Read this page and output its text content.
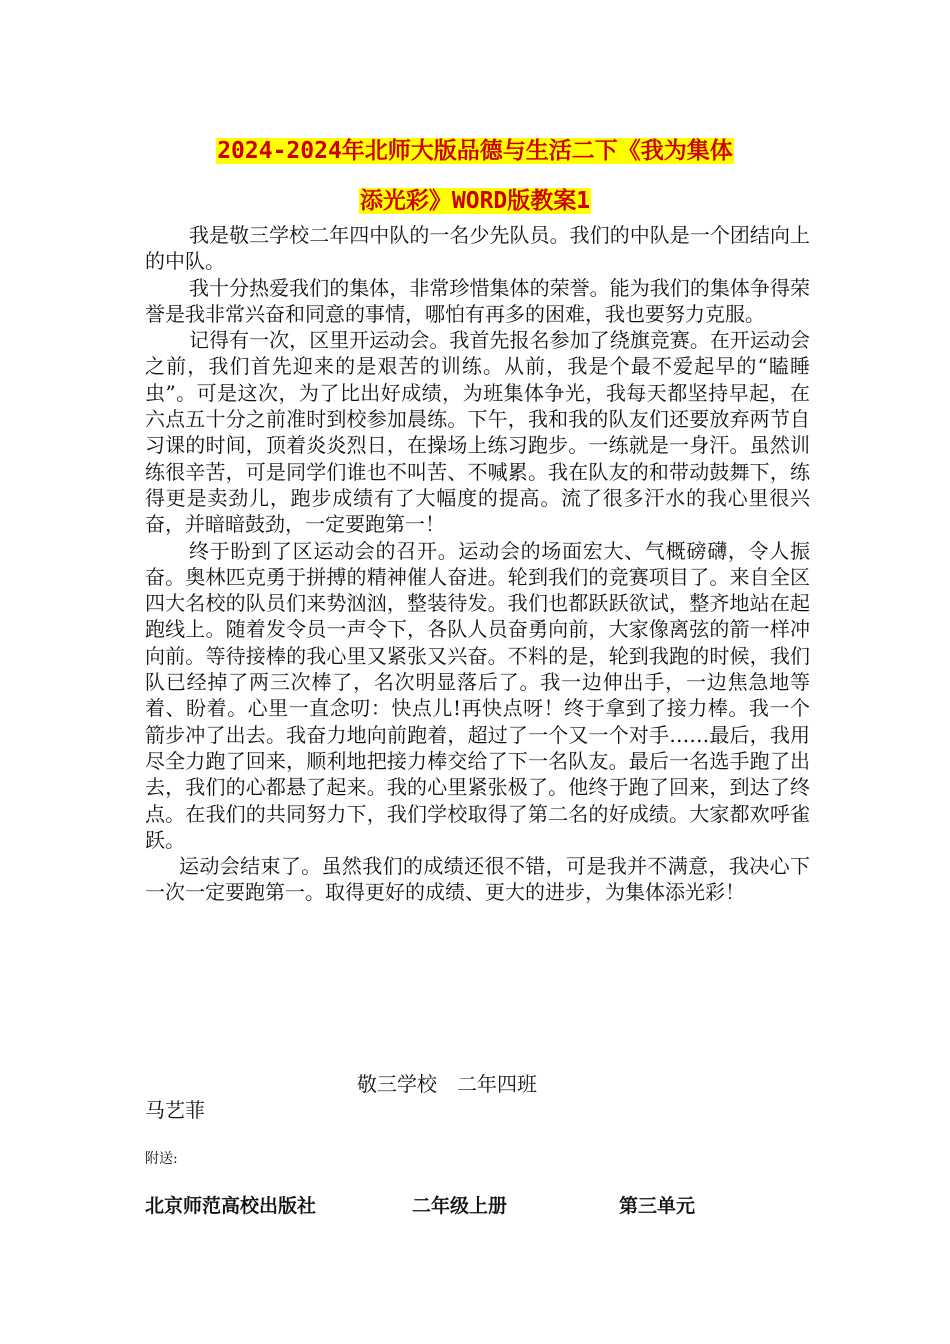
2024-2024年北师大版品德与生活二下《我为集体
添光彩》WORD版教案1

我是敬三学校二年四中队的一名少先队员。我们的中队是一个团结向上的中队。

我十分热爱我们的集体，非常珍惜集体的荣誉。能为我们的集体争得荣誉是我非常兴奋和同意的事情，哪怕有再多的困难，我也要努力克服。

记得有一次，区里开运动会。我首先报名参加了绕旗竞赛。在开运动会之前，我们首先迎来的是艰苦的训练。从前，我是个最不爱起早的“瞌睡虫”。可是这次，为了比出好成绩，为班集体争光，我每天都坚持早起，在六点五十分之前准时到校参加晨练。下午，我和我的队友们还要放弃两节自习课的时间，顶着炎炎烈日，在操场上练习跑步。一练就是一身汗。虽然训练很辛苦，可是同学们谁也不叫苦、不喊累。我在队友的和带动鼓舞下，练得更是卖劲儿，跑步成绩有了大幅度的提高。流了很多汗水的我心里很兴奋，并暗暗鼓劲，一定要跑第一！

终于盼到了区运动会的召开。运动会的场面宏大、气概磅礴，令人振奋。奥林匹克勇于拼搏的精神催人奋进。轮到我们的竞赛项目了。来自全区四大名校的队员们来势汹汹，整装待发。我们也都跃跃欲试，整齐地站在起跑线上。随着发令员一声令下，各队人员奋勇向前，大家像离弦的箭一样冲向前。等待接棒的我心里又紧张又兴奋。不料的是，轮到我跑的时候，我们队已经掉了两三次棒了，名次明显落后了。我一边伸出手，一边焦急地等着、盼着。心里一直念叨：快点儿!再快点呀！终于拿到了接力棒。我一个箭步冲了出去。我奋力地向前跑着，超过了一个又一个对手……最后，我用尽全力跑了回来，顺利地把接力棒交给了下一名队友。最后一名选手跑了出去，我们的心都悬了起来。我的心里紧张极了。他终于跑了回来，到达了终点。在我们的共同努力下，我们学校取得了第二名的好成绩。大家都欢呼雀跃。

运动会结束了。虽然我们的成绩还很不错，可是我并不满意，我决心下一次一定要跑第一。取得更好的成绩、更大的进步，为集体添光彩！

敬三学校　二年四班

马艺菲

附送:

北京师范高校出版社	二年级上册	第三单元
